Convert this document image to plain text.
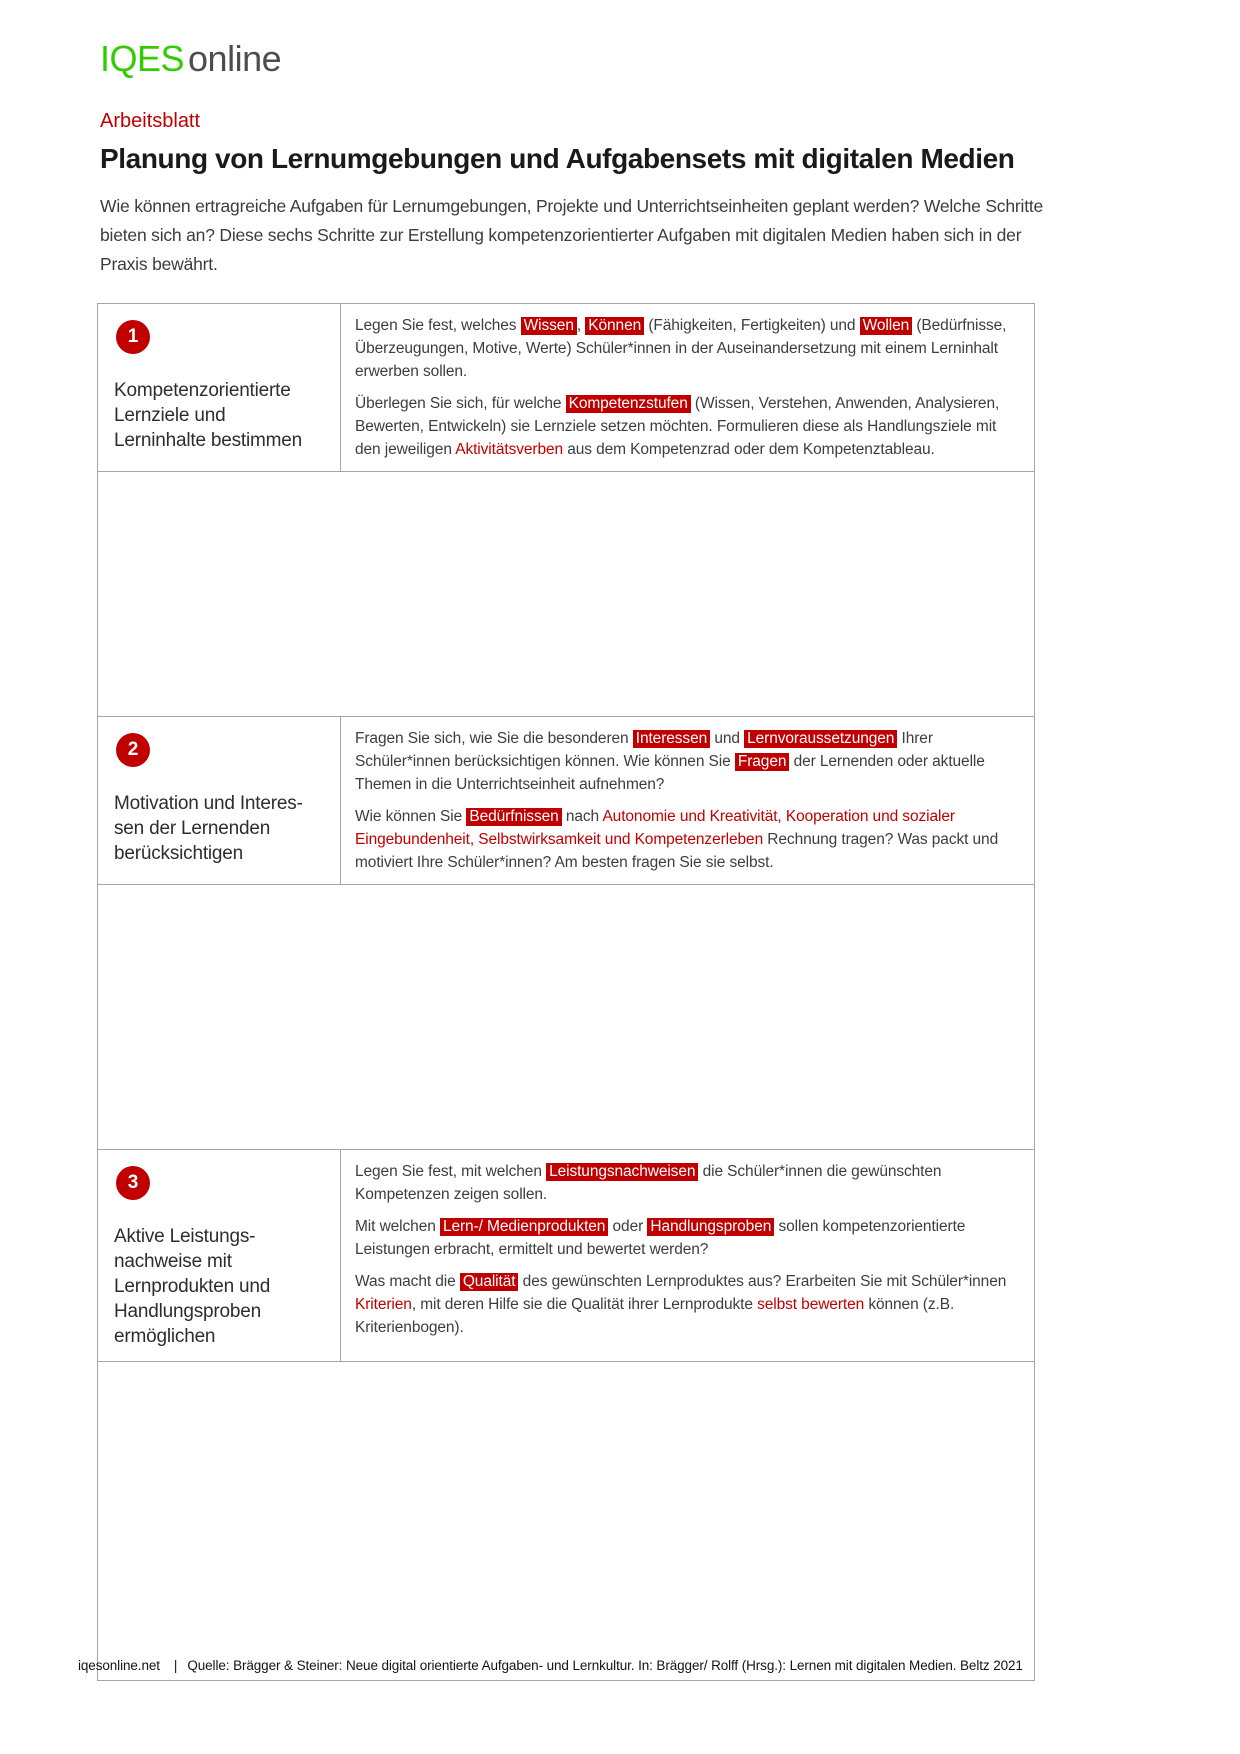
IQES online
Arbeitsblatt
Planung von Lernumgebungen und Aufgabensets mit digitalen Medien

Wie können ertragreiche Aufgaben für Lernumgebungen, Projekte und Unterrichtseinheiten geplant werden? Welche Schritte bieten sich an? Diese sechs Schritte zur Erstellung kompetenzorientierter Aufgaben mit digitalen Medien haben sich in der Praxis bewährt.

1
Kompetenzorientierte
Lernziele und
Lerninhalte bestimmen

Legen Sie fest, welches Wissen , Können (Fähigkeiten, Fertigkeiten) und Wollen (Bedürfnisse, Überzeugungen, Motive, Werte) Schüler*innen in der Auseinandersetzung mit einem Lerninhalt erwerben sollen.

Überlegen Sie sich, für welche Kompetenzstufen (Wissen, Verstehen, Anwenden, Analysieren, Bewerten, Entwickeln) sie Lernziele setzen möchten. Formulieren diese als Handlungsziele mit den jeweiligen Aktivitätsverben aus dem Kompetenzrad oder dem Kompetenztableau.

2
Motivation und Interes-
sen der Lernenden
berücksichtigen

Fragen Sie sich, wie Sie die besonderen Interessen und Lernvoraussetzungen Ihrer Schüler*innen berücksichtigen können. Wie können Sie Fragen der Lernenden oder aktuelle Themen in die Unterrichtseinheit aufnehmen?

Wie können Sie Bedürfnissen nach Autonomie und Kreativität, Kooperation und sozialer Eingebundenheit, Selbstwirksamkeit und Kompetenzerleben Rechnung tragen? Was packt und motiviert Ihre Schüler*innen? Am besten fragen Sie sie selbst.

3
Aktive Leistungs-
nachweise mit
Lernprodukten und
Handlungsproben
ermöglichen

Legen Sie fest, mit welchen Leistungsnachweisen die Schüler*innen die gewünschten Kompetenzen zeigen sollen.

Mit welchen Lern-/ Medienprodukten oder Handlungsproben sollen kompetenzorientierte Leistungen erbracht, ermittelt und bewertet werden?

Was macht die Qualität des gewünschten Lernproduktes aus? Erarbeiten Sie mit Schüler*innen Kriterien, mit deren Hilfe sie die Qualität ihrer Lernprodukte selbst bewerten können (z.B. Kriterienbogen).

iqesonline.net | Quelle: Brägger & Steiner: Neue digital orientierte Aufgaben- und Lernkultur. In: Brägger/ Rolff (Hrsg.): Lernen mit digitalen Medien. Beltz 2021
